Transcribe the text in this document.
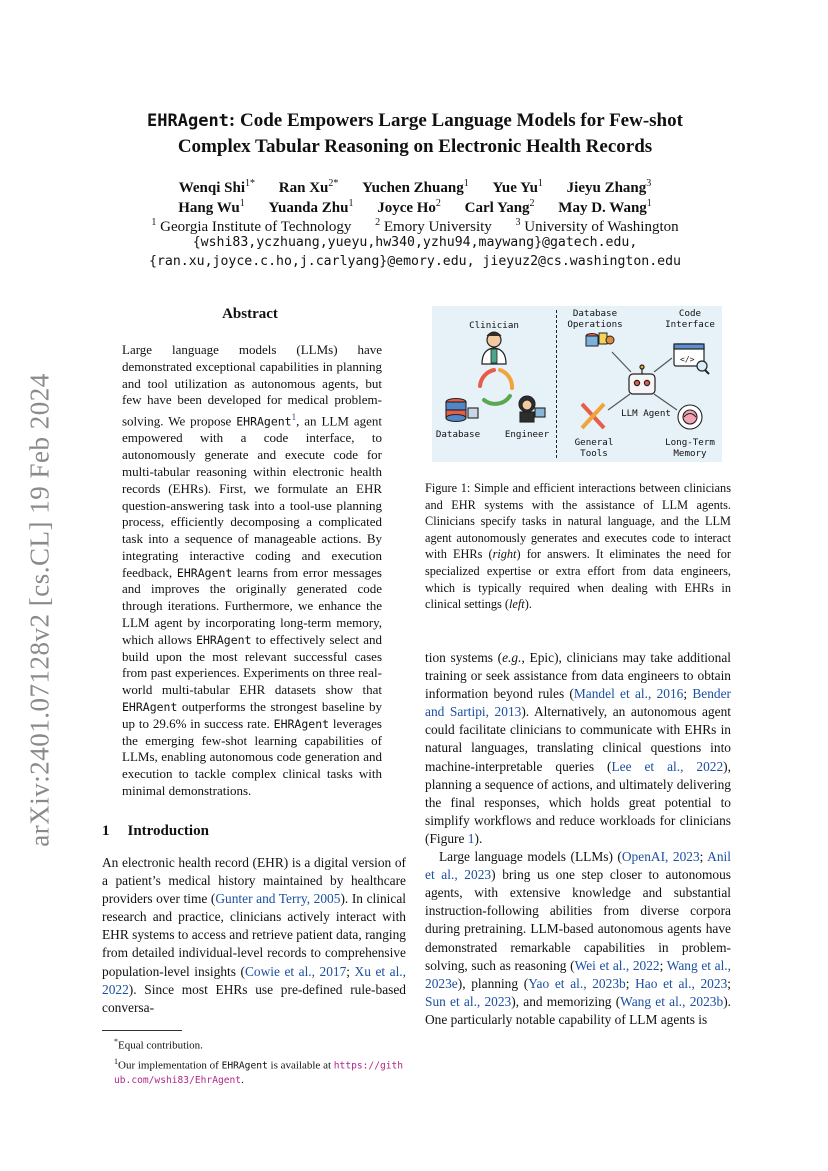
arXiv:2401.07128v2 [cs.CL] 19 Feb 2024
EHRAgent: Code Empowers Large Language Models for Few-shot
Complex Tabular Reasoning on Electronic Health Records
Wenqi Shi$^{1*}$ Ran $Xu^{2*}$ Yuchen Zhuang$^1$ Yue Yu$^1$ Jieyu Zhang$^3$
Hang Wu$^1$ Yuanda Zhu$^1$ Joyce Ho$^2$ Carl Yang$^2$ May D. Wang$^1$
$^1$ Georgia Institute of Technology $^2$ Emory University $^3$ University of Washington
{wshi83,yczhuang,yueyu,hw340,yzhu94,maywang}@gatech.edu,
{ran.xu,joyce.c.ho,j.carlyang}@emory.edu, jieyuz2@cs.washington.edu
Abstract
Large language models (LLMs) have demonstrated exceptional capabilities in planning and tool utilization as autonomous agents, but few have been developed for medical problem-solving. We propose EHRAgent$^1$, an LLM agent empowered with a code interface, to autonomously generate and execute code for multi-tabular reasoning within electronic health records (EHRs). First, we formulate an EHR question-answering task into a tool-use planning process, efficiently decomposing a complicated task into a sequence of manageable actions. By integrating interactive coding and execution feedback, EHRAgent learns from error messages and improves the originally generated code through iterations. Furthermore, we enhance the LLM agent by incorporating long-term memory, which allows EHRAgent to effectively select and build upon the most relevant successful cases from past experiences. Experiments on three real-world multi-tabular EHR datasets show that EHRAgent outperforms the strongest baseline by up to 29.6% in success rate. EHRAgent leverages the emerging few-shot learning capabilities of LLMs, enabling autonomous code generation and execution to tackle complex clinical tasks with minimal demonstrations.
1 Introduction
An electronic health record (EHR) is a digital version of a patient’s medical history maintained by healthcare providers over time (Gunter and Terry, 2005). In clinical research and practice, clinicians actively interact with EHR systems to access and retrieve patient data, ranging from detailed individual-level records to comprehensive population-level insights (Cowie et al., 2017; Xu et al., 2022). Since most EHRs use pre-defined rule-based conversa-
*Equal contribution.
$^1$Our implementation of EHRAgent is available at https://github.com/wshi83/EhrAgent.
Clinician
Database	Engineer
Database
Operations
Code
Interface
LLM Agent
General
Tools
Long-Term
Memory
</>
Figure 1: Simple and efficient interactions between clinicians and EHR systems with the assistance of LLM agents. Clinicians specify tasks in natural language, and the LLM agent autonomously generates and executes code to interact with EHRs (right) for answers. It eliminates the need for specialized expertise or extra effort from data engineers, which is typically required when dealing with EHRs in clinical settings (left).

tion systems (e.g., Epic), clinicians may take additional training or seek assistance from data engineers to obtain information beyond rules (Mandel et al., 2016; Bender and Sartipi, 2013). Alternatively, an autonomous agent could facilitate clinicians to communicate with EHRs in natural languages, translating clinical questions into machine-interpretable queries (Lee et al., 2022), planning a sequence of actions, and ultimately delivering the final responses, which holds great potential to simplify workflows and reduce workloads for clinicians (Figure 1).

Large language models (LLMs) (OpenAI, 2023; Anil et al., 2023) bring us one step closer to autonomous agents, with extensive knowledge and substantial instruction-following abilities from diverse corpora during pretraining. LLM-based autonomous agents have demonstrated remarkable capabilities in problem-solving, such as reasoning (Wei et al., 2022; Wang et al., 2023e), planning (Yao et al., 2023b; Hao et al., 2023; Sun et al., 2023), and memorizing (Wang et al., 2023b). One particularly notable capability of LLM agents is
